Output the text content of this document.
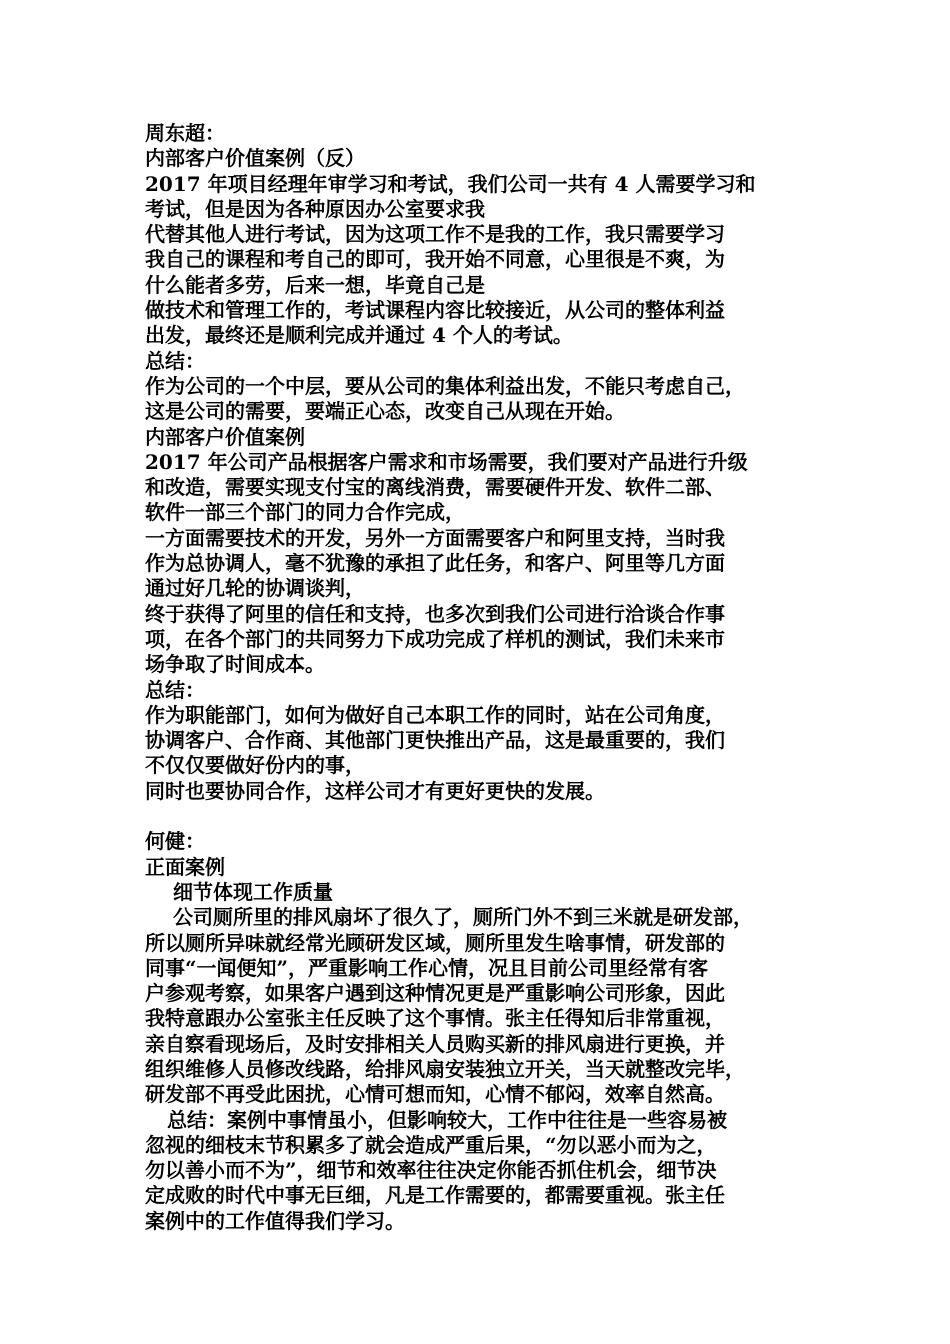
周东超：
内部客户价值案例（反）
2017 年项目经理年审学习和考试，我们公司一共有 4 人需要学习和
考试，但是因为各种原因办公室要求我
代替其他人进行考试，因为这项工作不是我的工作，我只需要学习
我自己的课程和考自己的即可，我开始不同意，心里很是不爽，为
什么能者多劳，后来一想，毕竟自己是
做技术和管理工作的，考试课程内容比较接近，从公司的整体利益
出发，最终还是顺利完成并通过 4 个人的考试。
总结：
作为公司的一个中层，要从公司的集体利益出发，不能只考虑自己，
这是公司的需要，要端正心态，改变自己从现在开始。
内部客户价值案例
2017 年公司产品根据客户需求和市场需要，我们要对产品进行升级
和改造，需要实现支付宝的离线消费，需要硬件开发、软件二部、
软件一部三个部门的同力合作完成，
一方面需要技术的开发，另外一方面需要客户和阿里支持，当时我
作为总协调人，毫不犹豫的承担了此任务，和客户、阿里等几方面
通过好几轮的协调谈判，
终于获得了阿里的信任和支持，也多次到我们公司进行洽谈合作事
项，在各个部门的共同努力下成功完成了样机的测试，我们未来市
场争取了时间成本。
总结：
作为职能部门，如何为做好自己本职工作的同时，站在公司角度，
协调客户、合作商、其他部门更快推出产品，这是最重要的，我们
不仅仅要做好份内的事，
同时也要协同合作，这样公司才有更好更快的发展。
何健：
正面案例
细节体现工作质量
公司厕所里的排风扇坏了很久了，厕所门外不到三米就是研发部，
所以厕所异味就经常光顾研发区域，厕所里发生啥事情，研发部的
同事“一闻便知”，严重影响工作心情，况且目前公司里经常有客
户参观考察，如果客户遇到这种情况更是严重影响公司形象，因此
我特意跟办公室张主任反映了这个事情。张主任得知后非常重视，
亲自察看现场后，及时安排相关人员购买新的排风扇进行更换，并
组织维修人员修改线路，给排风扇安装独立开关，当天就整改完毕，
研发部不再受此困扰，心情可想而知，心情不郁闷，效率自然高。
总结：案例中事情虽小，但影响较大，工作中往往是一些容易被
忽视的细枝末节积累多了就会造成严重后果，“勿以恶小而为之，
勿以善小而不为”，细节和效率往往决定你能否抓住机会，细节决
定成败的时代中事无巨细，凡是工作需要的，都需要重视。张主任
案例中的工作值得我们学习。
